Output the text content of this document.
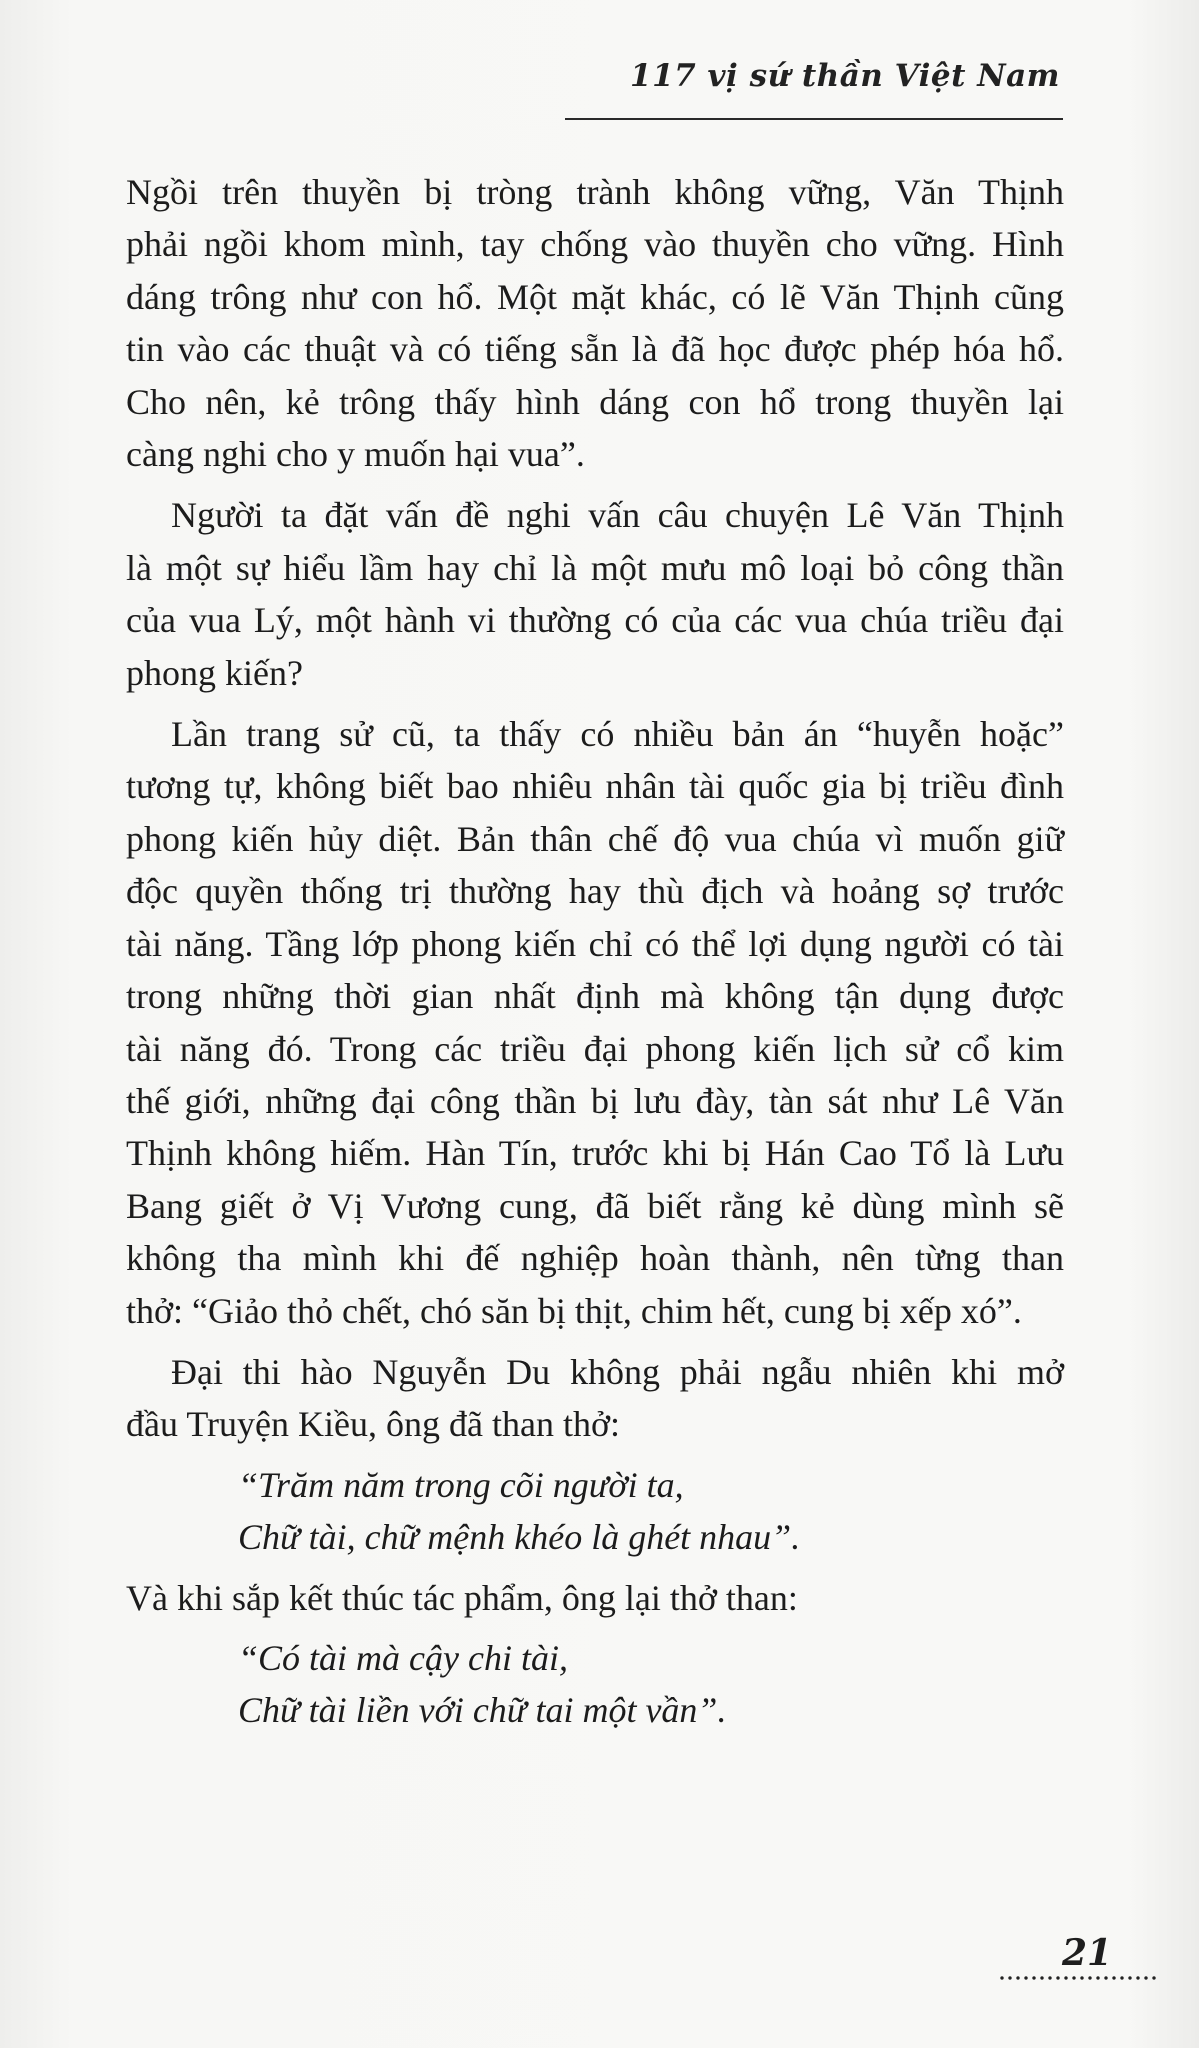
117 vị sứ thần Việt Nam

Ngồi trên thuyền bị tròng trành không vững, Văn Thịnh
phải ngồi khom mình, tay chống vào thuyền cho vững. Hình
dáng trông như con hổ. Một mặt khác, có lẽ Văn Thịnh cũng
tin vào các thuật và có tiếng sẵn là đã học được phép hóa hổ.
Cho nên, kẻ trông thấy hình dáng con hổ trong thuyền lại
càng nghi cho y muốn hại vua”.

Người ta đặt vấn đề nghi vấn câu chuyện Lê Văn Thịnh
là một sự hiểu lầm hay chỉ là một mưu mô loại bỏ công thần
của vua Lý, một hành vi thường có của các vua chúa triều đại
phong kiến?

Lần trang sử cũ, ta thấy có nhiều bản án “huyễn hoặc”
tương tự, không biết bao nhiêu nhân tài quốc gia bị triều đình
phong kiến hủy diệt. Bản thân chế độ vua chúa vì muốn giữ
độc quyền thống trị thường hay thù địch và hoảng sợ trước
tài năng. Tầng lớp phong kiến chỉ có thể lợi dụng người có tài
trong những thời gian nhất định mà không tận dụng được
tài năng đó. Trong các triều đại phong kiến lịch sử cổ kim
thế giới, những đại công thần bị lưu đày, tàn sát như Lê Văn
Thịnh không hiếm. Hàn Tín, trước khi bị Hán Cao Tổ là Lưu
Bang giết ở Vị Vương cung, đã biết rằng kẻ dùng mình sẽ
không tha mình khi đế nghiệp hoàn thành, nên từng than
thở: “Giảo thỏ chết, chó săn bị thịt, chim hết, cung bị xếp xó”.

Đại thi hào Nguyễn Du không phải ngẫu nhiên khi mở
đầu Truyện Kiều, ông đã than thở:

“Trăm năm trong cõi người ta,
Chữ tài, chữ mệnh khéo là ghét nhau”.

Và khi sắp kết thúc tác phẩm, ông lại thở than:

“Có tài mà cậy chi tài,
Chữ tài liền với chữ tai một vần”.
21
